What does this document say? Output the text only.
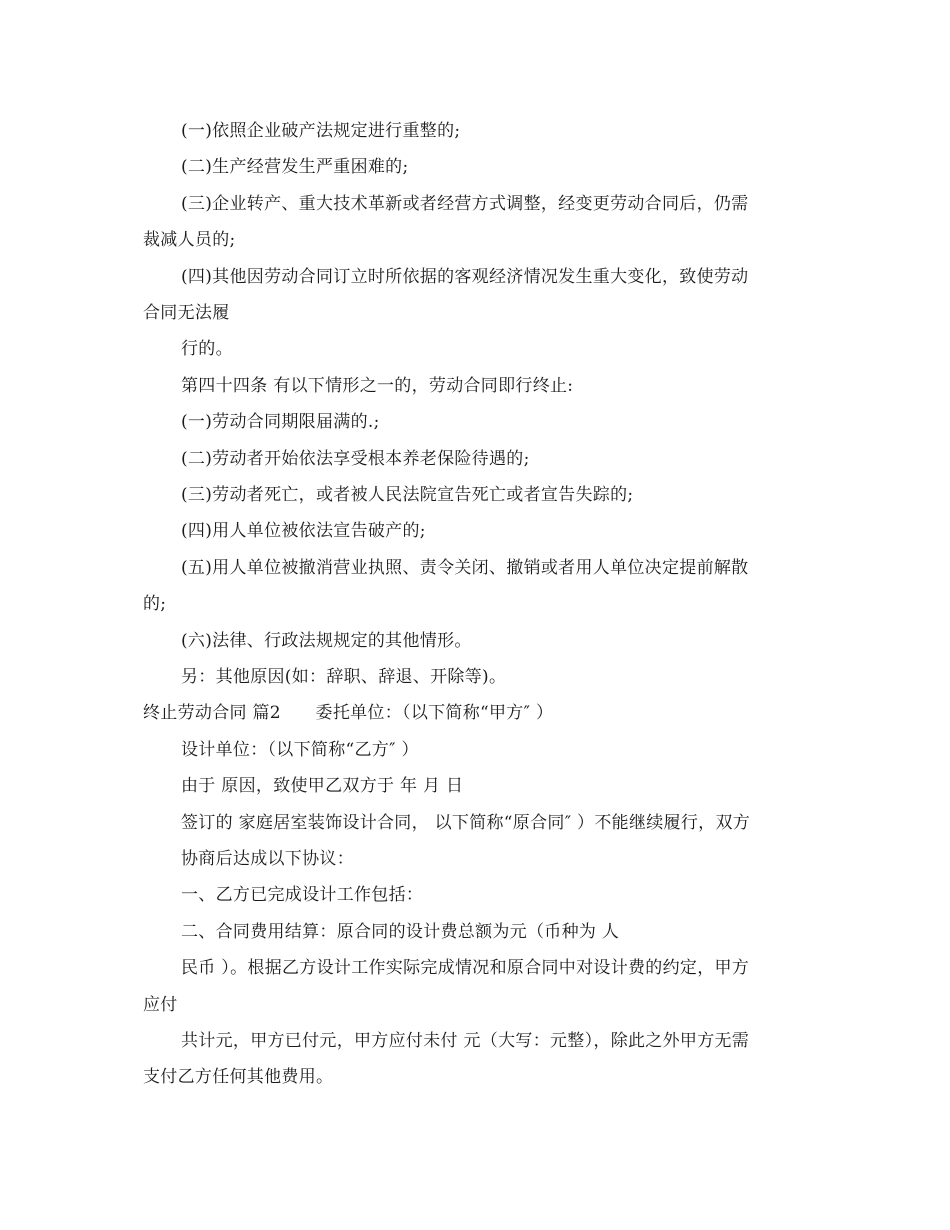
(一)依照企业破产法规定进行重整的;
(二)生产经营发生严重困难的;
(三)企业转产、重大技术革新或者经营方式调整，经变更劳动合同后，仍需
裁减人员的;
(四)其他因劳动合同订立时所依据的客观经济情况发生重大变化，致使劳动
合同无法履
行的。
第四十四条 有以下情形之一的，劳动合同即行终止:
(一)劳动合同期限届满的.;
(二)劳动者开始依法享受根本养老保险待遇的;
(三)劳动者死亡，或者被人民法院宣告死亡或者宣告失踪的;
(四)用人单位被依法宣告破产的;
(五)用人单位被撤消营业执照、责令关闭、撤销或者用人单位决定提前解散
的;
(六)法律、行政法规规定的其他情形。
另：其他原因(如：辞职、辞退、开除等)。
终止劳动合同 篇2　　委托单位：（以下简称“甲方″ ）
设计单位：（以下简称“乙方″ ）
由于 原因，致使甲乙双方于 年 月 日
签订的 家庭居室装饰设计合同， 以下简称“原合同″ ）不能继续履行，双方
协商后达成以下协议：
一、乙方已完成设计工作包括：
二、合同费用结算：原合同的设计费总额为元（币种为 人
民币 ）。根据乙方设计工作实际完成情况和原合同中对设计费的约定，甲方
应付
共计元，甲方已付元，甲方应付未付 元（大写：元整），除此之外甲方无需
支付乙方任何其他费用。
